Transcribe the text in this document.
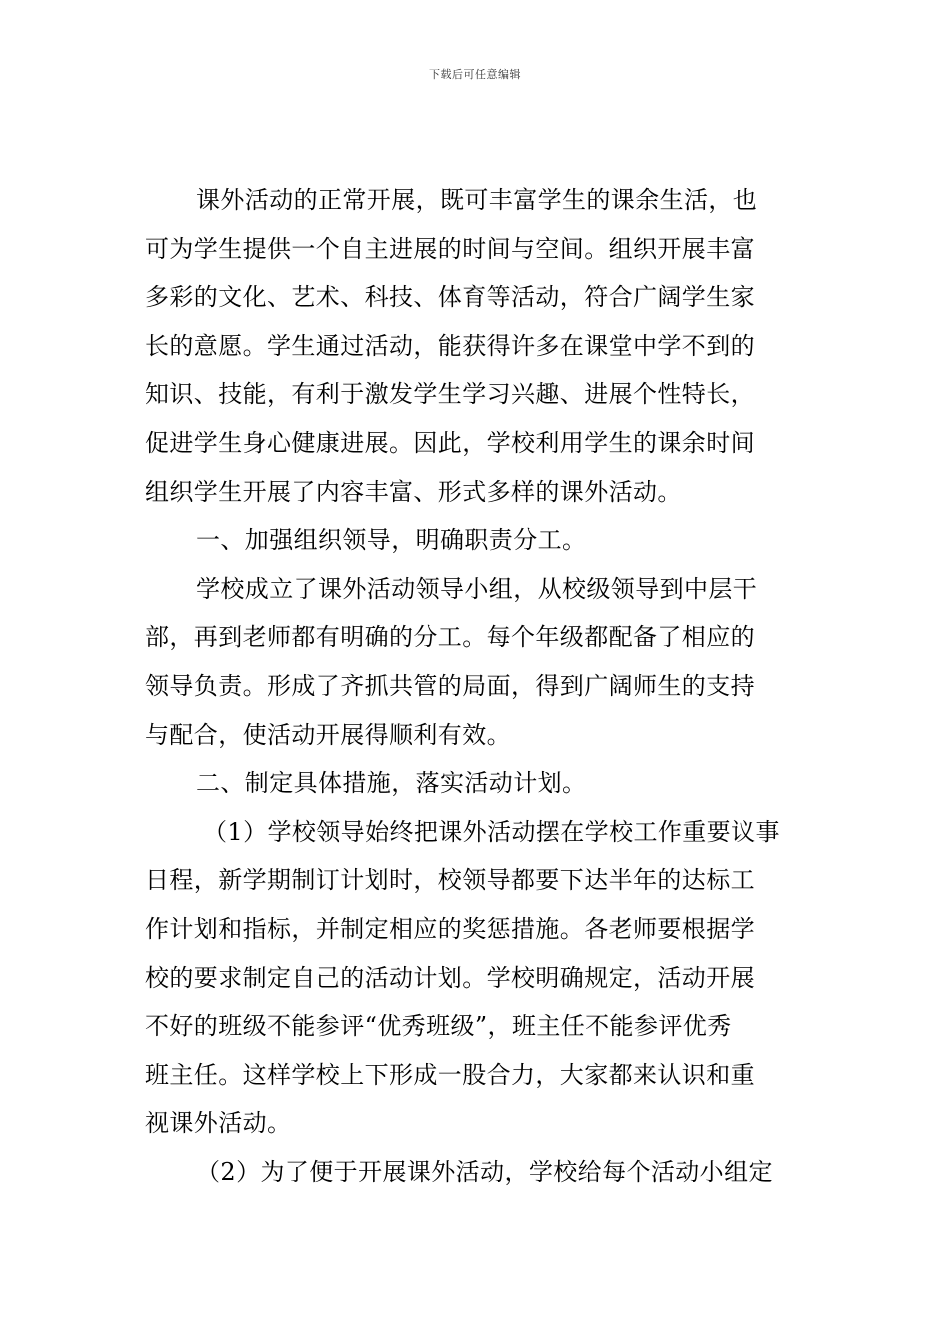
下载后可任意编辑
课外活动的正常开展，既可丰富学生的课余生活，也
可为学生提供一个自主进展的时间与空间。组织开展丰富
多彩的文化、艺术、科技、体育等活动，符合广阔学生家
长的意愿。学生通过活动，能获得许多在课堂中学不到的
知识、技能，有利于激发学生学习兴趣、进展个性特长，
促进学生身心健康进展。因此，学校利用学生的课余时间
组织学生开展了内容丰富、形式多样的课外活动。
一、加强组织领导，明确职责分工。
学校成立了课外活动领导小组，从校级领导到中层干
部，再到老师都有明确的分工。每个年级都配备了相应的
领导负责。形成了齐抓共管的局面，得到广阔师生的支持
与配合，使活动开展得顺利有效。
二、制定具体措施，落实活动计划。
（1）学校领导始终把课外活动摆在学校工作重要议事
日程，新学期制订计划时，校领导都要下达半年的达标工
作计划和指标，并制定相应的奖惩措施。各老师要根据学
校的要求制定自己的活动计划。学校明确规定，活动开展
不好的班级不能参评“优秀班级”，班主任不能参评优秀
班主任。这样学校上下形成一股合力，大家都来认识和重
视课外活动。
（2）为了便于开展课外活动，学校给每个活动小组定
